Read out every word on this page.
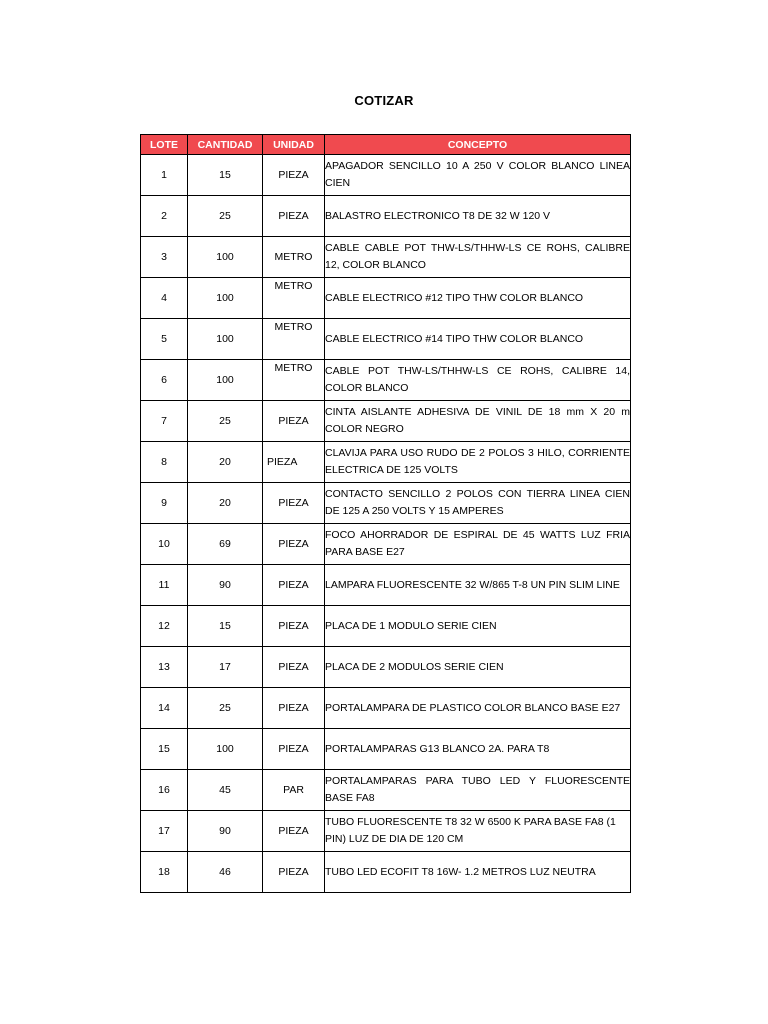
COTIZAR
LOTE	CANTIDAD	UNIDAD	CONCEPTO
1	15	PIEZA	APAGADOR SENCILLO 10 A 250 V COLOR BLANCO LINEA CIEN
2	25	PIEZA	BALASTRO ELECTRONICO T8 DE 32 W 120 V
3	100	METRO	CABLE CABLE POT THW-LS/THHW-LS CE ROHS, CALIBRE 12, COLOR BLANCO
4	100	METRO	CABLE ELECTRICO #12 TIPO THW COLOR BLANCO
5	100	METRO	CABLE ELECTRICO #14 TIPO THW COLOR BLANCO
6	100	METRO	CABLE POT THW-LS/THHW-LS CE ROHS, CALIBRE 14, COLOR BLANCO
7	25	PIEZA	CINTA AISLANTE ADHESIVA DE VINIL DE 18 mm X 20 m COLOR NEGRO
8	20	PIEZA	CLAVIJA PARA USO RUDO DE 2 POLOS 3 HILO, CORRIENTE ELECTRICA DE 125 VOLTS
9	20	PIEZA	CONTACTO SENCILLO 2 POLOS CON TIERRA LINEA CIEN DE 125 A 250 VOLTS Y 15 AMPERES
10	69	PIEZA	FOCO AHORRADOR DE ESPIRAL DE 45 WATTS LUZ FRIA PARA BASE E27
11	90	PIEZA	LAMPARA FLUORESCENTE 32 W/865 T-8 UN PIN SLIM LINE
12	15	PIEZA	PLACA DE 1 MODULO SERIE CIEN
13	17	PIEZA	PLACA DE 2 MODULOS SERIE CIEN
14	25	PIEZA	PORTALAMPARA DE PLASTICO COLOR BLANCO BASE E27
15	100	PIEZA	PORTALAMPARAS G13 BLANCO 2A. PARA T8
16	45	PAR	PORTALAMPARAS PARA TUBO LED Y FLUORESCENTE BASE FA8
17	90	PIEZA	TUBO FLUORESCENTE T8 32 W 6500 K PARA BASE FA8 (1 PIN) LUZ DE DIA DE 120 CM
18	46	PIEZA	TUBO LED ECOFIT T8 16W- 1.2 METROS LUZ NEUTRA
